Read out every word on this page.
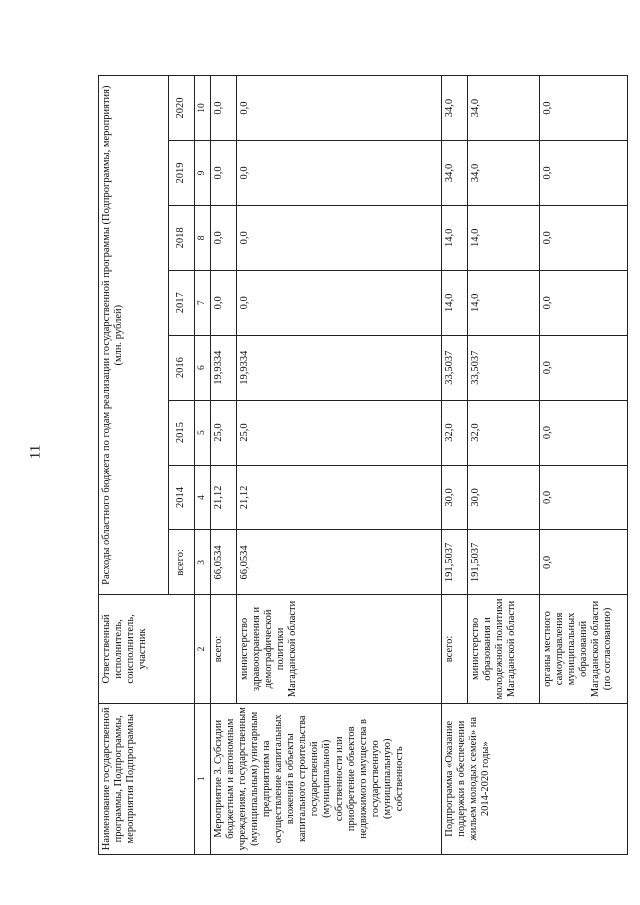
11
Наименование государственной программы, Подпрограммы, мероприятия Подпрограммы	Ответственный исполнитель, соисполнитель, участник	Расходы областного бюджета по годам реализации государственной программы (Подпрограммы, мероприятия) (млн. рублей)							
		всего:	2014	2015	2016	2017	2018	2019	2020
1	2	3	4	5	6	7	8	9	10
Мероприятие 3. Субсидии бюджетным и автономным учреждениям, государственным (муниципальным) унитарным предприятиям на осуществление капитальных вложений в объекты капитального строительства государственной (муниципальной) собственности или приобретение объектов недвижимого имущества в государственную (муниципальную) собственность	всего:	66,0534	21,12	25,0	19,9334	0,0	0,0	0,0	0,0
	министерство здравоохранения и демографической политики Магаданской области	66,0534	21,12	25,0	19,9334	0,0	0,0	0,0	0,0
Подпрограмма «Оказание поддержки в обеспечении жильем молодых семей» на 2014-2020 годы»	всего:	191,5037	30,0	32,0	33,5037	14,0	14,0	34,0	34,0
	министерство образования и молодежной политики Магаданской области	191,5037	30,0	32,0	33,5037	14,0	14,0	34,0	34,0
	органы местного самоуправления муниципальных образований Магаданской области (по согласованию)	0,0	0,0	0,0	0,0	0,0	0,0	0,0	0,0
